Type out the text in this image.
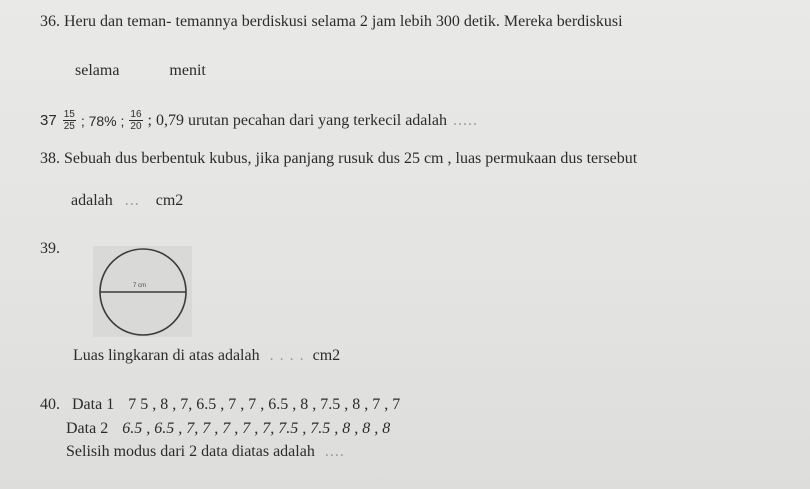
36. Heru dan teman- temannya berdiskusi selama 2 jam lebih 300 detik. Mereka berdiskusi
selama	menit
$37 \frac{15}{25}$ ; 78% ; $\frac{16}{20}$ ; 0,79 urutan pecahan dari yang terkecil adalah .....
38. Sebuah dus berbentuk kubus, jika panjang rusuk dus 25 cm , luas permukaan dus tersebut
adalah ... cm2
39.
7 cm
Luas lingkaran di atas adalah . . . . cm2
40. Data 1 7 5 , 8 , 7, 6.5 , 7 , 7 , 6.5 , 8 , 7.5 , 8 , 7 , 7
Data 2 6.5 , 6.5 , 7, 7 , 7 , 7 , 7, 7.5 , 7.5 , 8 , 8 , 8
Selisih modus dari 2 data diatas adalah ....
